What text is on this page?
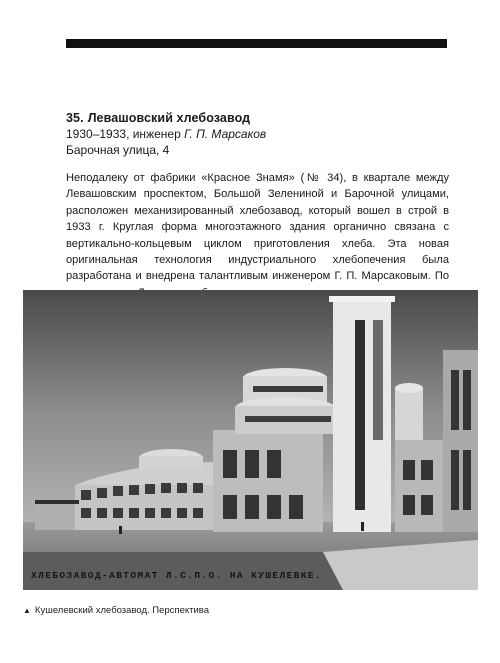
35. Левашовский хлебозавод
1930–1933, инженер Г. П. Марсаков
Барочная улица, 4

Неподалеку от фабрики «Красное Знамя» (№ 34), в квартале между Левашовским проспектом, Большой Зелениной и Барочной улицами, расположен механизированный хлебозавод, который вошел в строй в 1933 г. Круглая форма многоэтажного здания органично связана с вертикально-кольцевым циклом приготовления хлеба. Эта новая оригинальная технология индустриального хлебопечения была разработана и внедрена талантливым инженером Г. П. Марсаковым. По

ХЛЕБОЗАВОД-АВТОМАТ Л.С.П.О. НА КУШЕЛЕВКЕ.
▲ Кушелевский хлебозавод. Перспектива
